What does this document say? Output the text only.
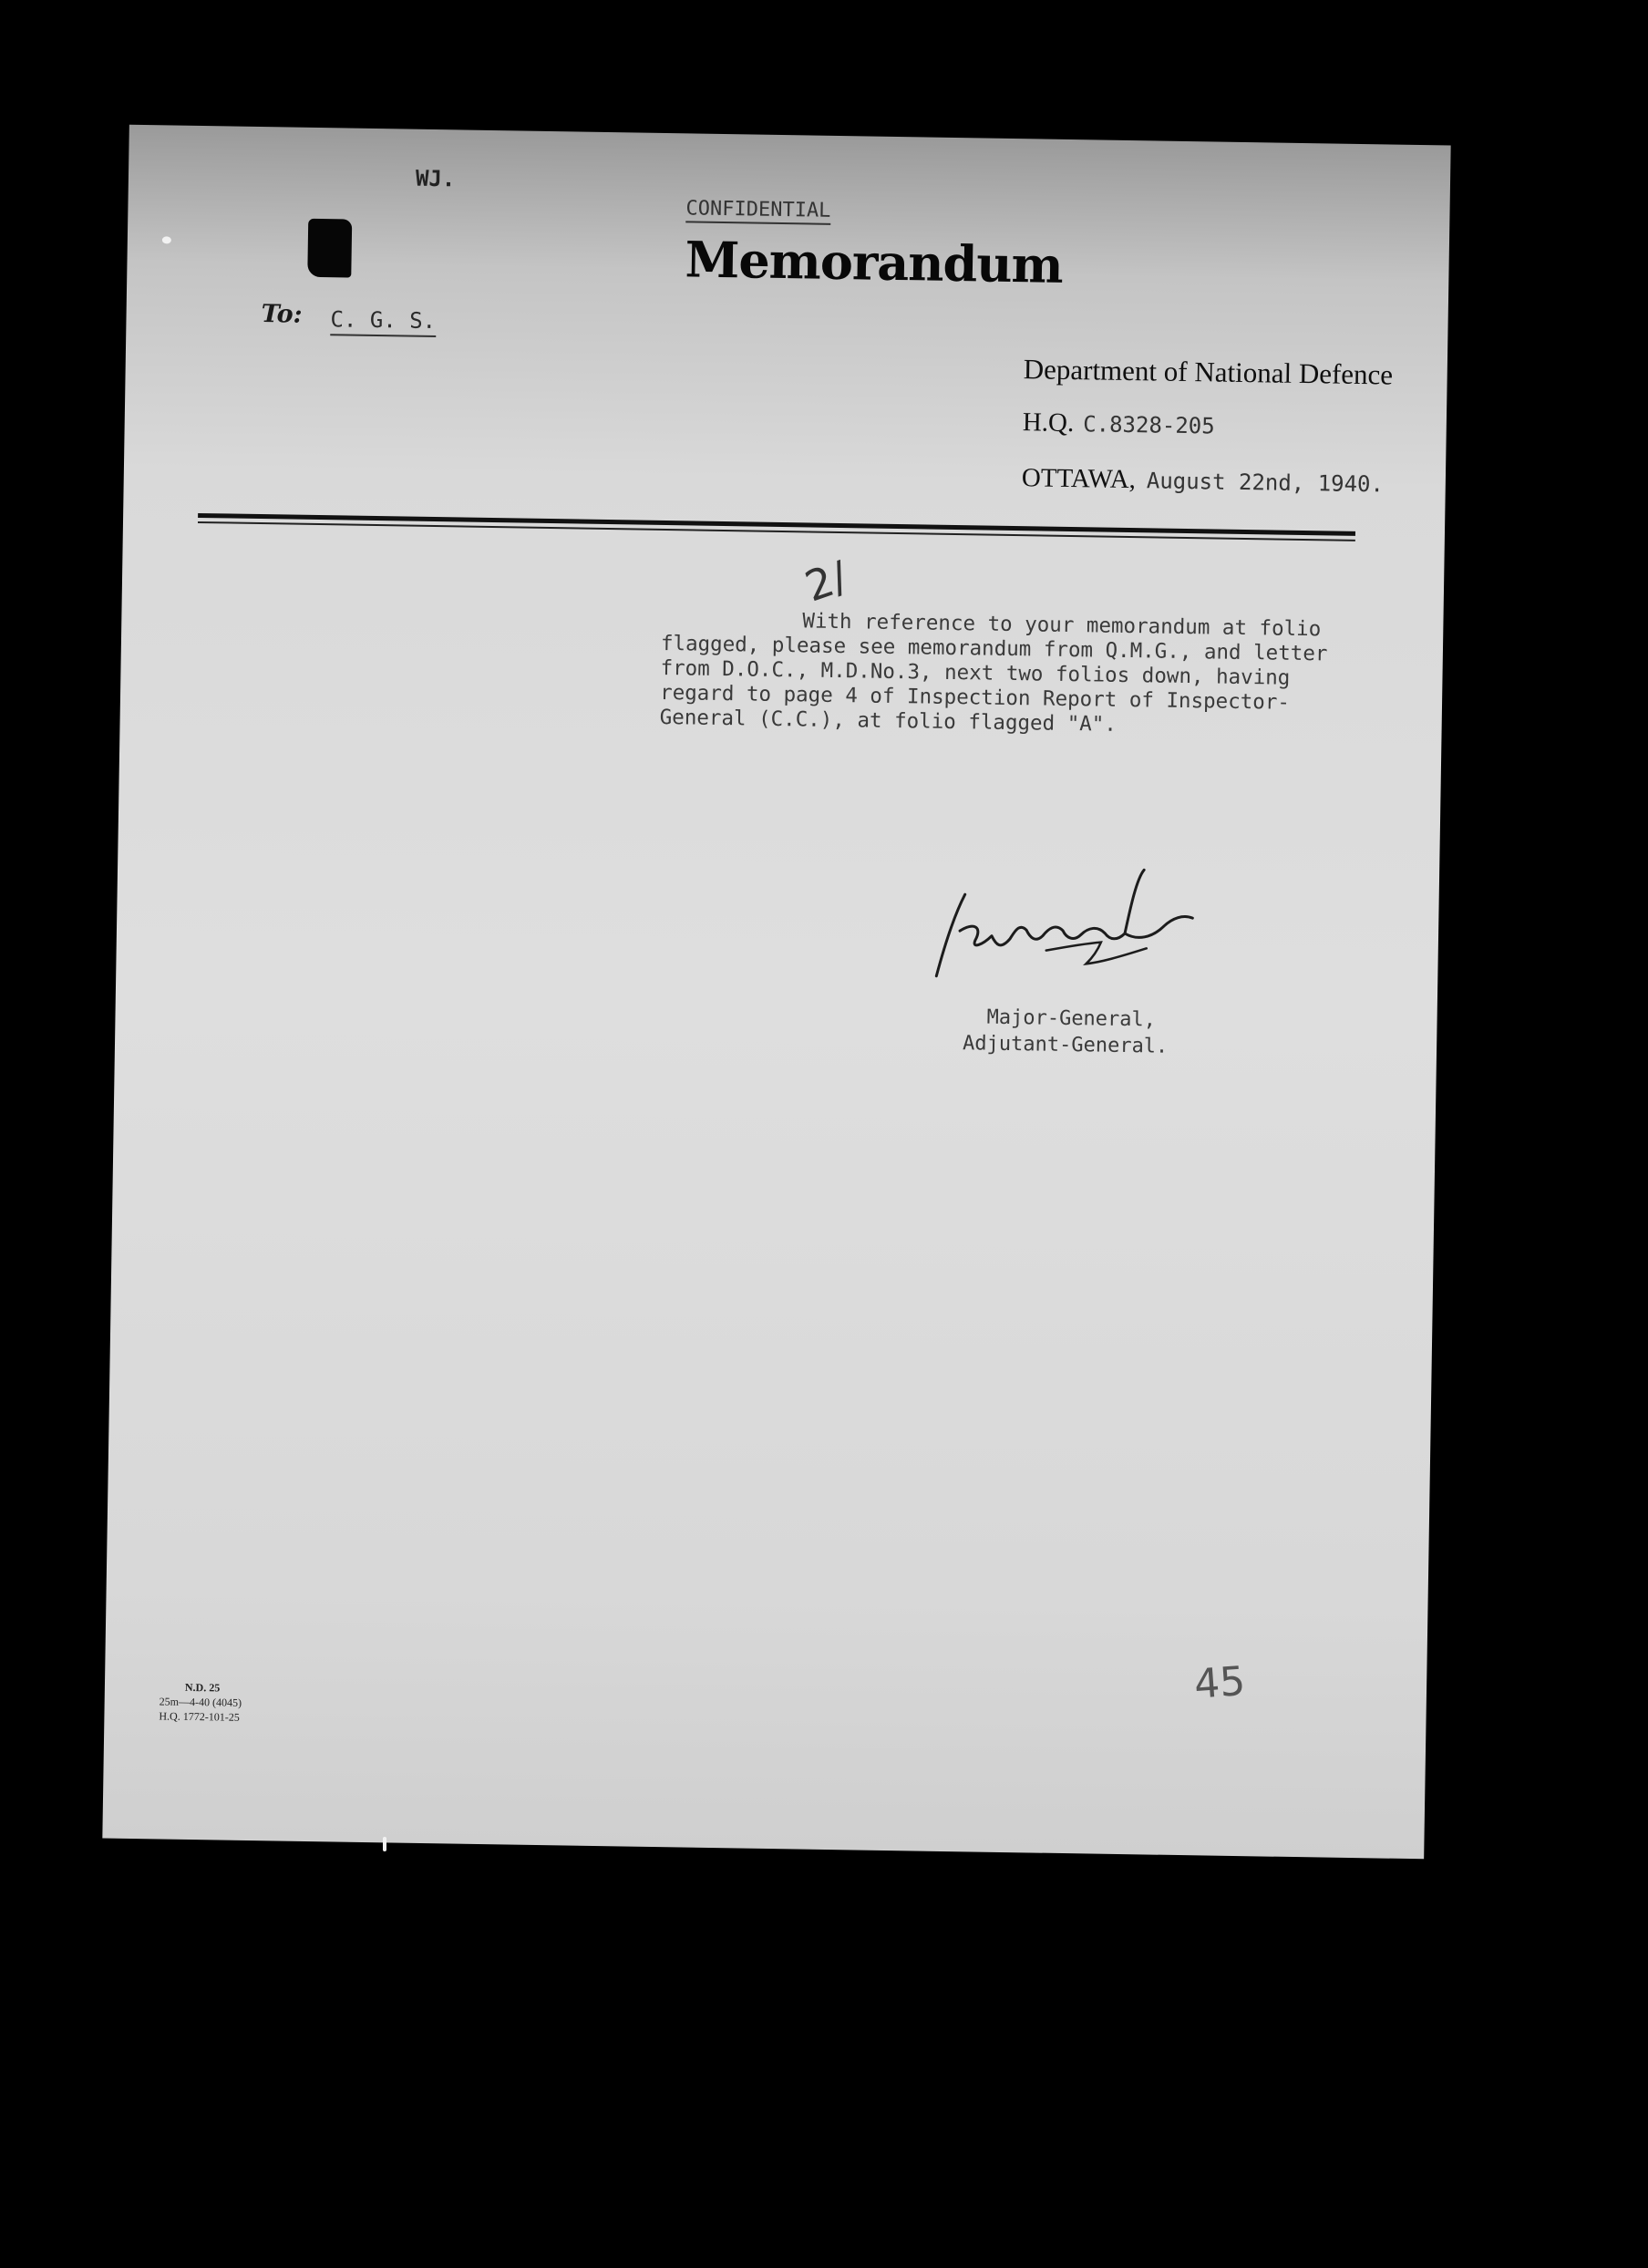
WJ.
CONFIDENTIAL
Memorandum
To: C. G. S.
Department of National Defence
H.Q. C.8328-205
OTTAWA, August 22nd, 1940.
2/

With reference to your memorandum at folio

flagged, please see memorandum from Q.M.G., and letter

from D.O.C., M.D.No.3, next two folios down, having

regard to page 4 of Inspection Report of Inspector-

General (C.C.), at folio flagged "A".

Major-General,
Adjutant-General.
N.D. 25
25m—4-40 (4045)
H.Q. 1772-101-25
45
